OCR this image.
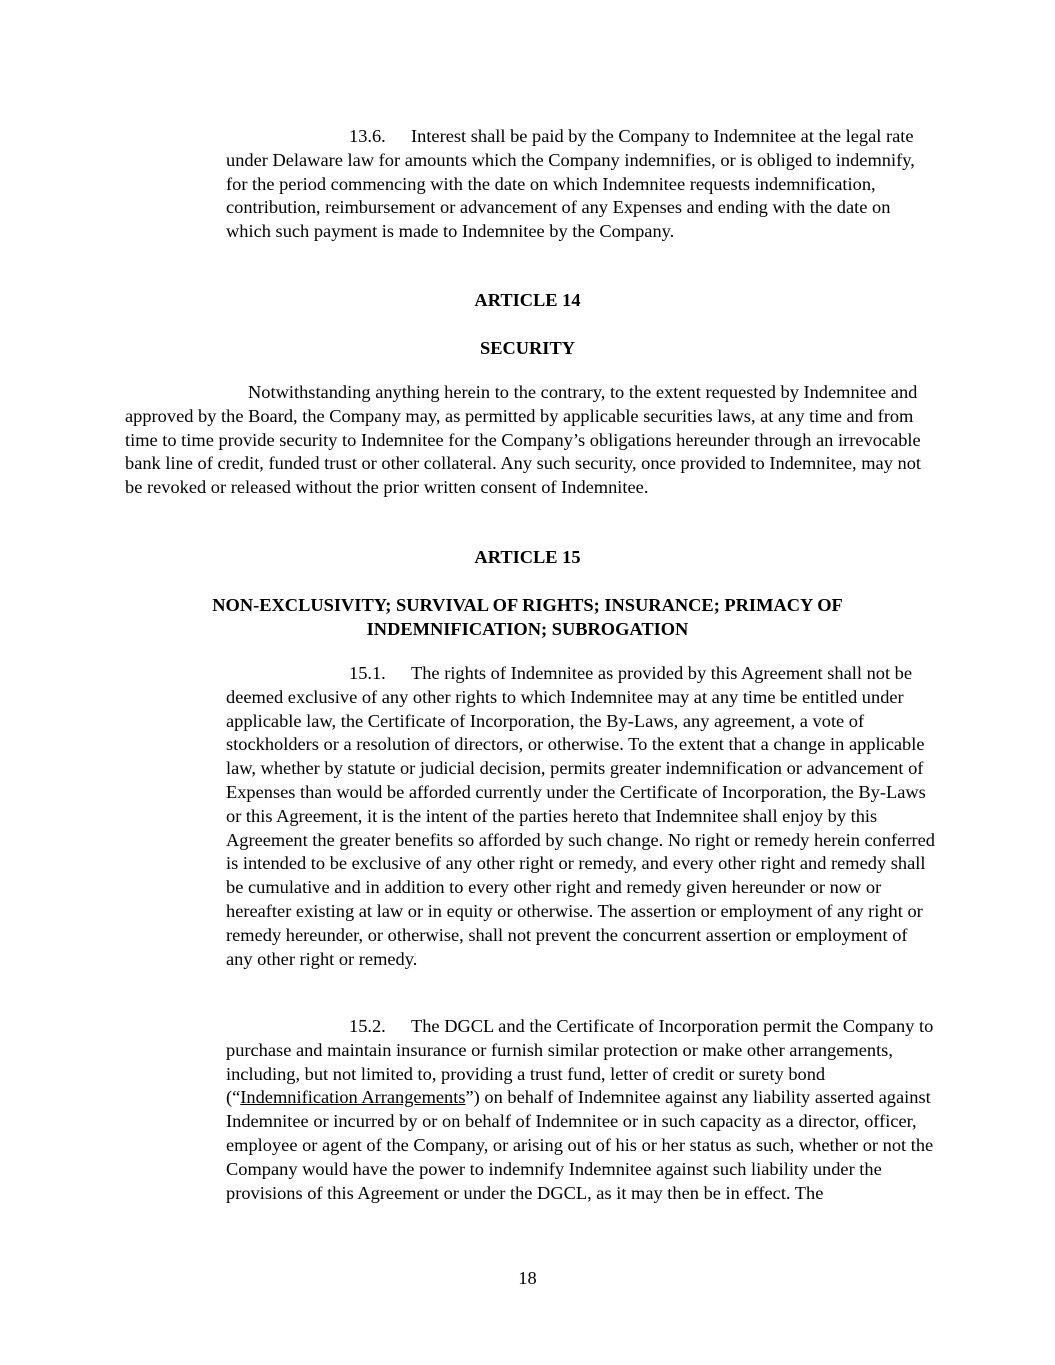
13.6. Interest shall be paid by the Company to Indemnitee at the legal rate under Delaware law for amounts which the Company indemnifies, or is obliged to indemnify, for the period commencing with the date on which Indemnitee requests indemnification, contribution, reimbursement or advancement of any Expenses and ending with the date on which such payment is made to Indemnitee by the Company.

ARTICLE 14

SECURITY

Notwithstanding anything herein to the contrary, to the extent requested by Indemnitee and approved by the Board, the Company may, as permitted by applicable securities laws, at any time and from time to time provide security to Indemnitee for the Company’s obligations hereunder through an irrevocable bank line of credit, funded trust or other collateral. Any such security, once provided to Indemnitee, may not be revoked or released without the prior written consent of Indemnitee.

ARTICLE 15

NON-EXCLUSIVITY; SURVIVAL OF RIGHTS; INSURANCE; PRIMACY OF
INDEMNIFICATION; SUBROGATION

15.1. The rights of Indemnitee as provided by this Agreement shall not be deemed exclusive of any other rights to which Indemnitee may at any time be entitled under applicable law, the Certificate of Incorporation, the By-Laws, any agreement, a vote of stockholders or a resolution of directors, or otherwise. To the extent that a change in applicable law, whether by statute or judicial decision, permits greater indemnification or advancement of Expenses than would be afforded currently under the Certificate of Incorporation, the By-Laws or this Agreement, it is the intent of the parties hereto that Indemnitee shall enjoy by this Agreement the greater benefits so afforded by such change. No right or remedy herein conferred is intended to be exclusive of any other right or remedy, and every other right and remedy shall be cumulative and in addition to every other right and remedy given hereunder or now or hereafter existing at law or in equity or otherwise. The assertion or employment of any right or remedy hereunder, or otherwise, shall not prevent the concurrent assertion or employment of any other right or remedy.

15.2. The DGCL and the Certificate of Incorporation permit the Company to purchase and maintain insurance or furnish similar protection or make other arrangements, including, but not limited to, providing a trust fund, letter of credit or surety bond (“Indemnification Arrangements”) on behalf of Indemnitee against any liability asserted against Indemnitee or incurred by or on behalf of Indemnitee or in such capacity as a director, officer, employee or agent of the Company, or arising out of his or her status as such, whether or not the Company would have the power to indemnify Indemnitee against such liability under the provisions of this Agreement or under the DGCL, as it may then be in effect. The

18
